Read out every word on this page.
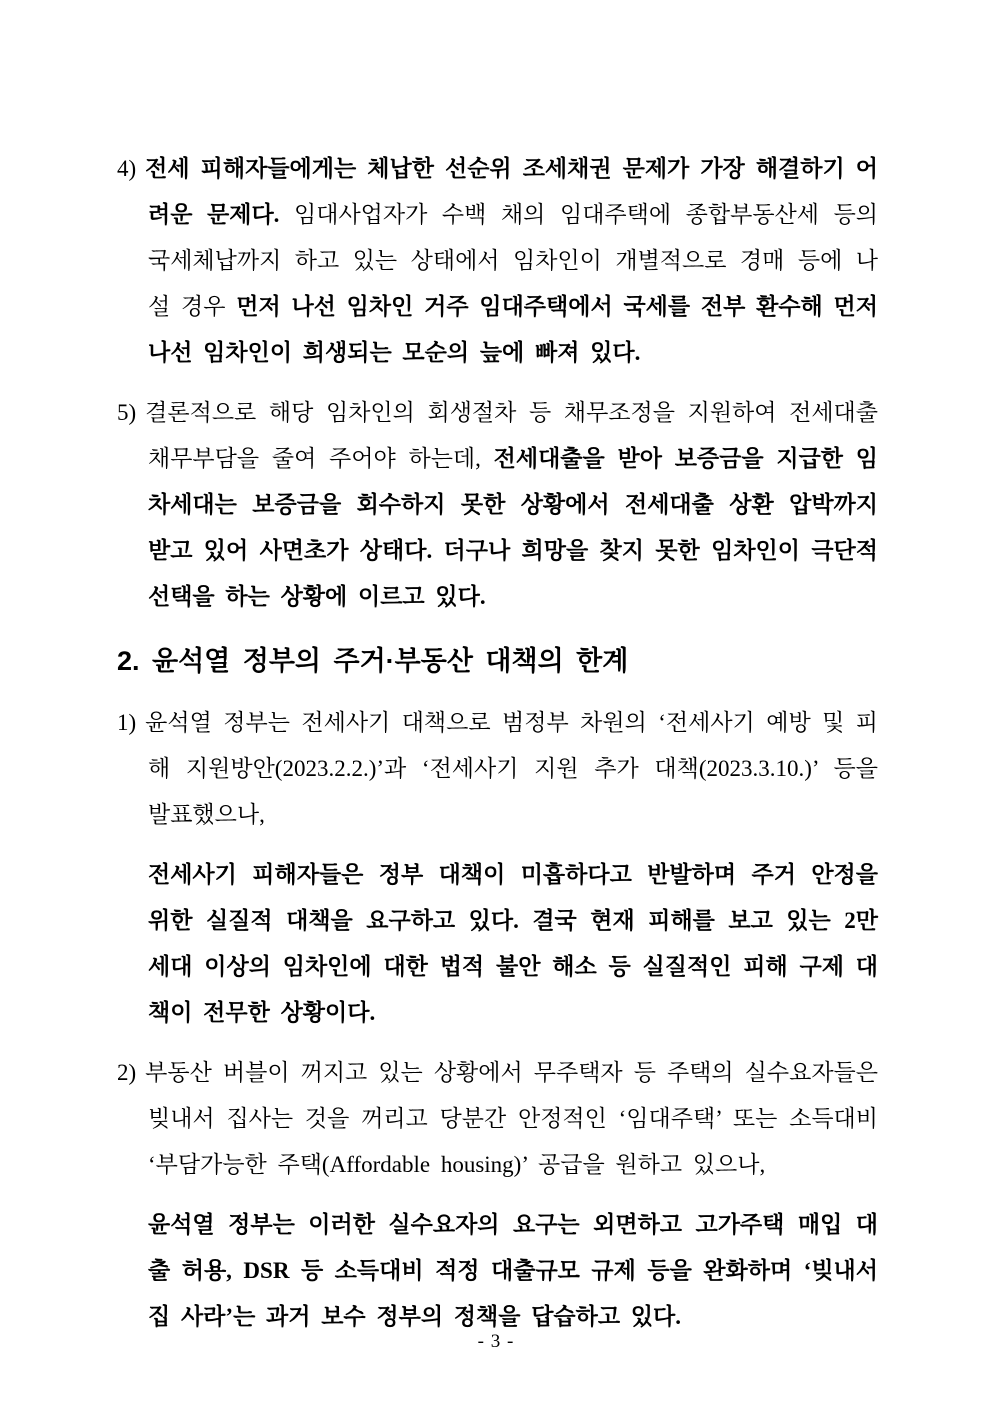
4) 전세 피해자들에게는 체납한 선순위 조세채권 문제가 가장 해결하기 어려운 문제다. 임대사업자가 수백 채의 임대주택에 종합부동산세 등의 국세체납까지 하고 있는 상태에서 임차인이 개별적으로 경매 등에 나설 경우 먼저 나선 임차인 거주 임대주택에서 국세를 전부 환수해 먼저 나선 임차인이 희생되는 모순의 늪에 빠져 있다.

5) 결론적으로 해당 임차인의 회생절차 등 채무조정을 지원하여 전세대출 채무부담을 줄여 주어야 하는데, 전세대출을 받아 보증금을 지급한 임차세대는 보증금을 회수하지 못한 상황에서 전세대출 상환 압박까지 받고 있어 사면초가 상태다. 더구나 희망을 찾지 못한 임차인이 극단적 선택을 하는 상황에 이르고 있다.

2. 윤석열 정부의 주거·부동산 대책의 한계

1) 윤석열 정부는 전세사기 대책으로 범정부 차원의 ‘전세사기 예방 및 피해 지원방안(2023.2.2.)’과 ‘전세사기 지원 추가 대책(2023.3.10.)’ 등을 발표했으나,

전세사기 피해자들은 정부 대책이 미흡하다고 반발하며 주거 안정을 위한 실질적 대책을 요구하고 있다. 결국 현재 피해를 보고 있는 2만 세대 이상의 임차인에 대한 법적 불안 해소 등 실질적인 피해 구제 대책이 전무한 상황이다.

2) 부동산 버블이 꺼지고 있는 상황에서 무주택자 등 주택의 실수요자들은 빚내서 집사는 것을 꺼리고 당분간 안정적인 ‘임대주택’ 또는 소득대비 ‘부담가능한 주택(Affordable housing)’ 공급을 원하고 있으나,

윤석열 정부는 이러한 실수요자의 요구는 외면하고 고가주택 매입 대출 허용, DSR 등 소득대비 적정 대출규모 규제 등을 완화하며 ‘빚내서 집 사라’는 과거 보수 정부의 정책을 답습하고 있다.

- 3 -
